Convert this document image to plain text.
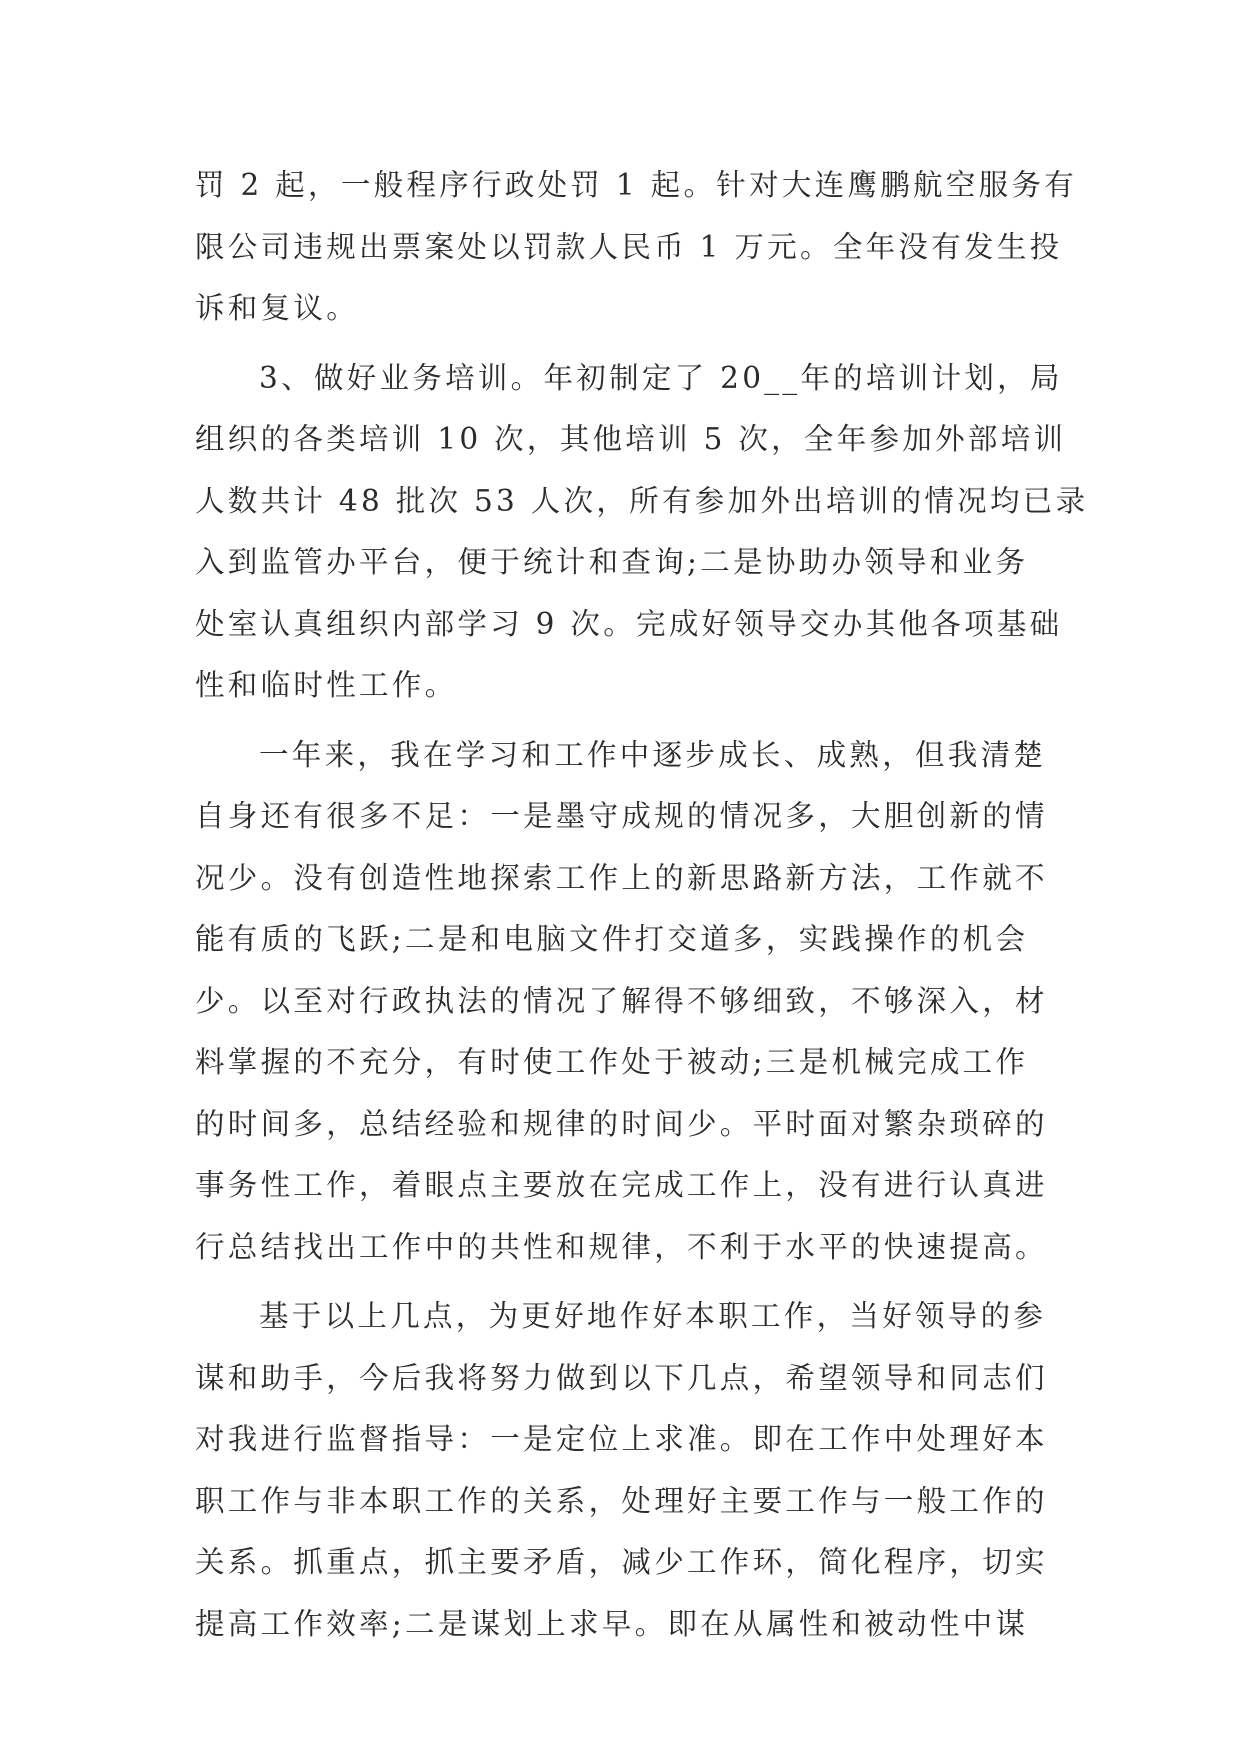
罚 2 起，一般程序行政处罚 1 起。针对大连鹰鹏航空服务有
限公司违规出票案处以罚款人民币 1 万元。全年没有发生投
诉和复议。
3、做好业务培训。年初制定了 20__年的培训计划，局
组织的各类培训 10 次，其他培训 5 次，全年参加外部培训
人数共计 48 批次 53 人次，所有参加外出培训的情况均已录
入到监管办平台，便于统计和查询;二是协助办领导和业务
处室认真组织内部学习 9 次。完成好领导交办其他各项基础
性和临时性工作。
一年来，我在学习和工作中逐步成长、成熟，但我清楚
自身还有很多不足：一是墨守成规的情况多，大胆创新的情
况少。没有创造性地探索工作上的新思路新方法，工作就不
能有质的飞跃;二是和电脑文件打交道多，实践操作的机会
少。以至对行政执法的情况了解得不够细致，不够深入，材
料掌握的不充分，有时使工作处于被动;三是机械完成工作
的时间多，总结经验和规律的时间少。平时面对繁杂琐碎的
事务性工作，着眼点主要放在完成工作上，没有进行认真进
行总结找出工作中的共性和规律，不利于水平的快速提高。
基于以上几点，为更好地作好本职工作，当好领导的参
谋和助手，今后我将努力做到以下几点，希望领导和同志们
对我进行监督指导：一是定位上求准。即在工作中处理好本
职工作与非本职工作的关系，处理好主要工作与一般工作的
关系。抓重点，抓主要矛盾，减少工作环，简化程序，切实
提高工作效率;二是谋划上求早。即在从属性和被动性中谋
